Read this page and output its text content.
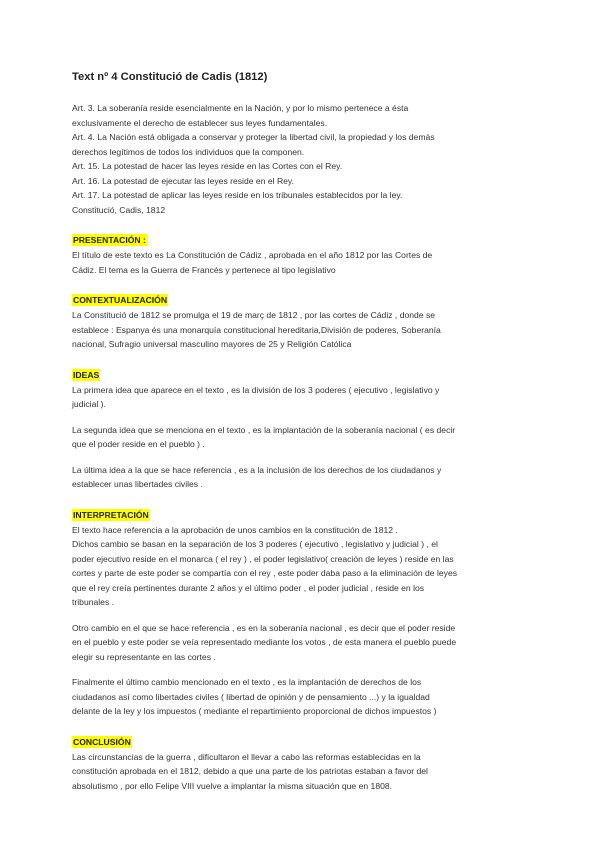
Text nº 4 Constitució de Cadis (1812)

Art. 3. La soberanía reside esencialmente en la Nación, y por lo mismo pertenece a ésta

exclusivamente el derecho de establecer sus leyes fundamentales.

Art. 4. La Nación está obligada a conservar y proteger la libertad civil, la propiedad y los demás

derechos legítimos de todos los individuos que la componen.

Art. 15. La potestad de hacer las leyes reside en las Cortes con el Rey.

Art. 16. La potestad de ejecutar las leyes reside en el Rey.

Art. 17. La potestad de aplicar las leyes reside en los tribunales establecidos por la ley.

Constitució, Cadis, 1812

PRESENTACIÓN :

El título de este texto es La Constitución de Cádiz , aprobada en el año 1812 por las Cortes de

Cádiz. El tema es la Guerra de Francés y pertenece al tipo legislativo

CONTEXTUALIZACIÓN

La Constitució de 1812 se promulga el 19 de març de 1812 , por las cortes de Cádiz , donde se

establece : Espanya és una monarquía constitucional hereditaria,División de poderes, Soberanía

nacional, Sufragio universal masculino mayores de 25 y Religión Católica

IDEAS

La primera idea que aparece en el texto , es la división de los 3 poderes ( ejecutivo , legislativo y

judicial ).

La segunda idea que se menciona en el texto , es la implantación de la soberanía nacional ( es decir

que el poder reside en el pueblo ) .

La última idea a la que se hace referencia , es a la inclusión de los derechos de los ciudadanos y

establecer unas libertades civiles .

INTERPRETACIÓN

El texto hace referencia a la aprobación de unos cambios en la constitución de 1812 .

Dichos cambio se basan en la separación de los 3 poderes ( ejecutivo , legislativo y judicial ) , el

poder ejecutivo reside en el monarca ( el rey ) , el poder legislativo( creación de leyes ) reside en las

cortes y parte de este poder se compartía con el rey , este poder daba paso a la eliminación de leyes

que el rey creía pertinentes durante 2 años y el último poder , el poder judicial , reside en los

tribunales .

Otro cambio en el que se hace referencia , es en la soberanía nacional , es decir que el poder reside

en el pueblo y este poder se veía representado mediante los votos , de esta manera el pueblo puede

elegir su representante en las cortes .

Finalmente el último cambio mencionado en el texto , es la implantación de derechos de los

ciudadanos así como libertades civiles ( libertad de opinión y de pensamiento ...) y la igualdad

delante de la ley y los impuestos ( mediante el repartimiento proporcional de dichos impuestos )

CONCLUSIÓN

Las circunstancias de la guerra , dificultaron el llevar a cabo las reformas establecidas en la

constitución aprobada en el 1812, debido a que una parte de los patriotas estaban a favor del

absolutismo , por ello Felipe VIII vuelve a implantar la misma situación que en 1808.
